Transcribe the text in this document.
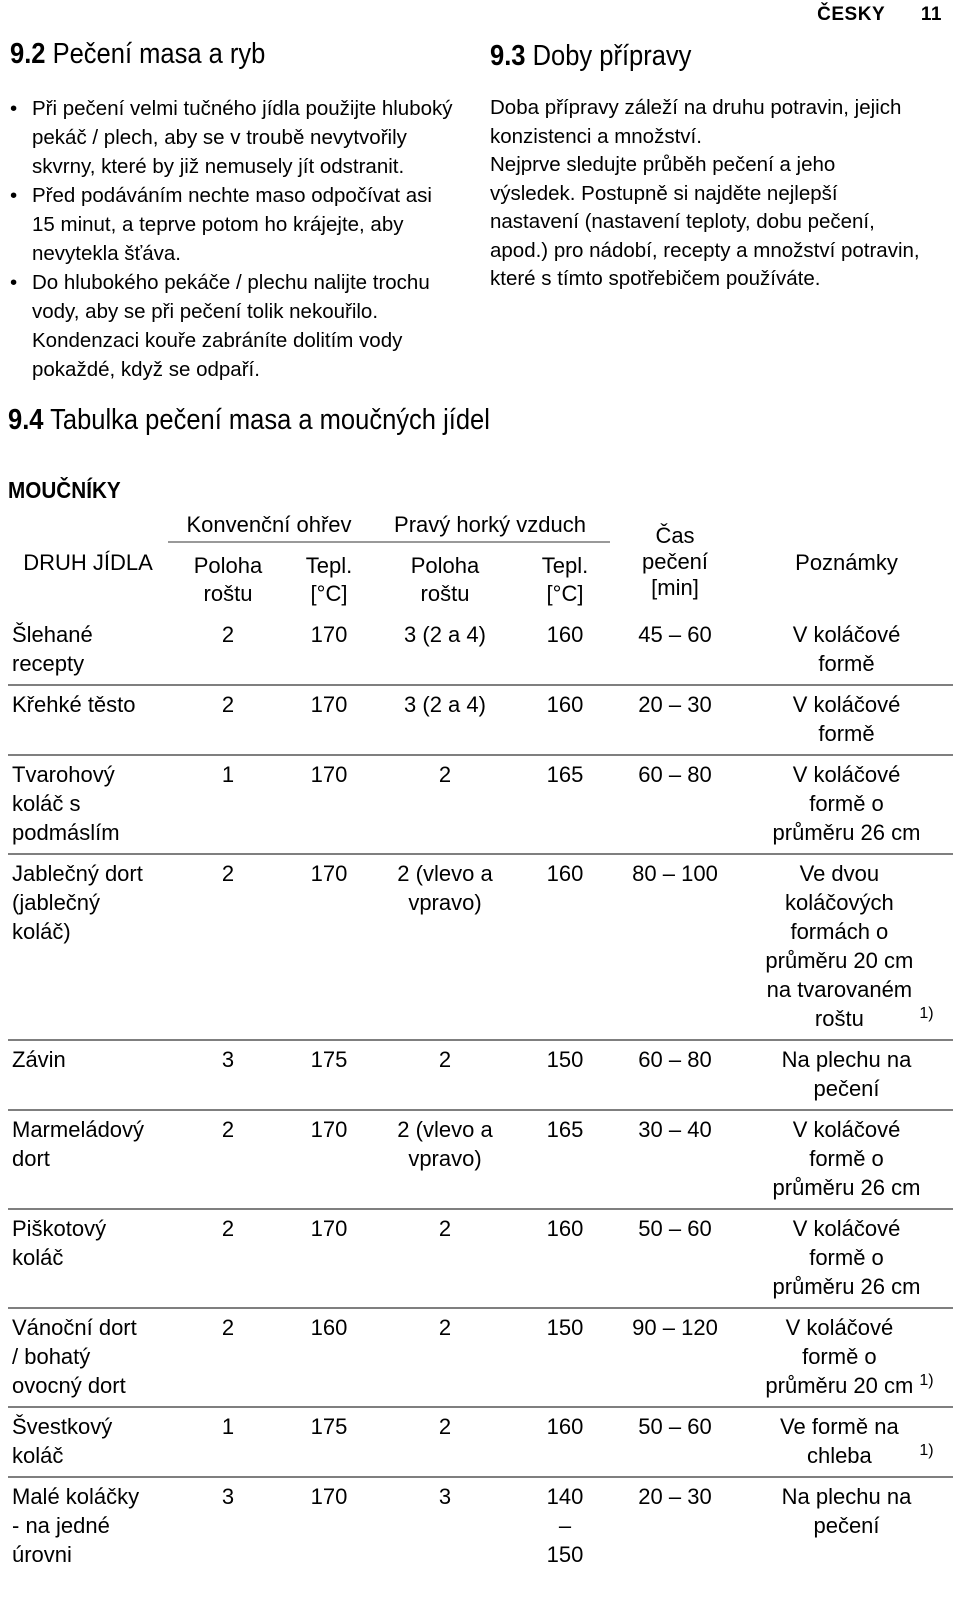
ČESKY 11
9.2 Pečení masa a ryb
• Při pečení velmi tučného jídla použijte hluboký pekáč / plech, aby se v troubě nevytvořily skvrny, které by již nemusely jít odstranit.
• Před podáváním nechte maso odpočívat asi 15 minut, a teprve potom ho krájejte, aby nevytekla šťáva.
• Do hlubokého pekáče / plechu nalijte trochu vody, aby se při pečení tolik nekouřilo. Kondenzaci kouře zabráníte dolitím vody pokaždé, když se odpaří.
9.3 Doby přípravy

Doba přípravy záleží na druhu potravin, jejich konzistenci a množství.

Nejprve sledujte průběh pečení a jeho výsledek. Postupně si najděte nejlepší nastavení (nastavení teploty, dobu pečení, apod.) pro nádobí, recepty a množství potravin, které s tímto spotřebičem používáte.

9.4 Tabulka pečení masa a moučných jídel
MOUČNÍKY
DRUH JÍDLA	Konvenční ohřev		Pravý horký vzduch		Čas pečení [min]	Poznámky
	Poloha roštu	Tepl. [°C]	Poloha roštu	Tepl. [°C]		
Šlehané recepty	2	170	3 (2 a 4)	160	45 – 60	V koláčové formě
Křehké těsto	2	170	3 (2 a 4)	160	20 – 30	V koláčové formě
Tvarohový koláč s podmáslím	1	170	2	165	60 – 80	V koláčové formě o průměru 26 cm
Jablečný dort (jablečný koláč)	2	170	2 (vlevo a vpravo)	160	80 – 100	Ve dvou koláčových formách o průměru 20 cm na tvarovaném roštu $^{1)}$
Závin	3	175	2	150	60 – 80	Na plechu na pečení
Marmeládový dort	2	170	2 (vlevo a vpravo)	165	30 – 40	V koláčové formě o průměru 26 cm
Piškotový koláč	2	170	2	160	50 – 60	V koláčové formě o průměru 26 cm
Vánoční dort / bohatý ovocný dort	2	160	2	150	90 – 120	V koláčové formě o průměru 20 cm $^{1)}$
Švestkový koláč	1	175	2	160	50 – 60	Ve formě na chleba $^{1)}$
Malé koláčky - na jedné úrovni	3	170	3	140 – 150	20 – 30	Na plechu na pečení
